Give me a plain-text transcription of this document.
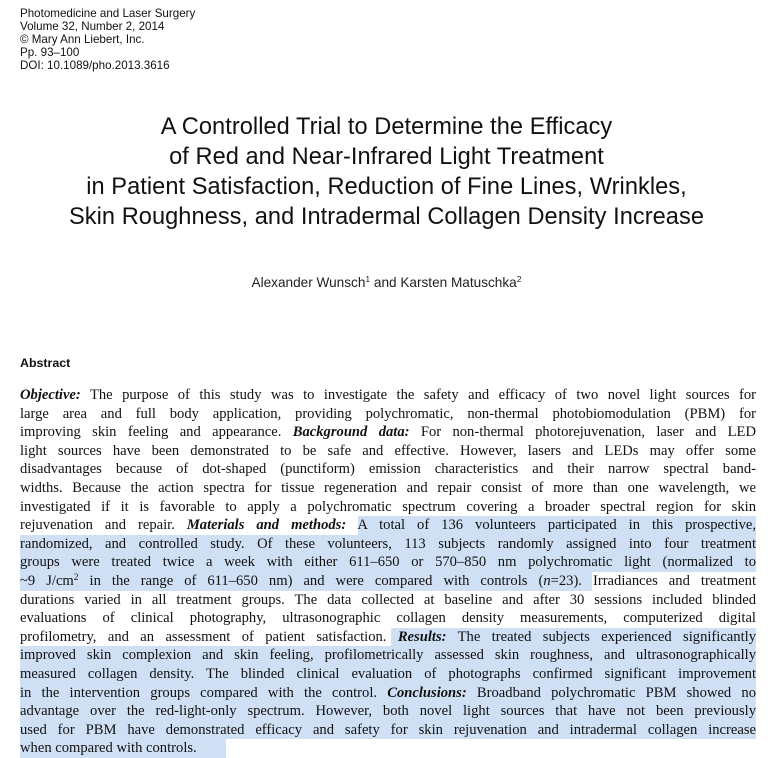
Photomedicine and Laser Surgery
Volume 32, Number 2, 2014
© Mary Ann Liebert, Inc.
Pp. 93–100
DOI: 10.1089/pho.2013.3616
A Controlled Trial to Determine the Efficacy
of Red and Near-Infrared Light Treatment
in Patient Satisfaction, Reduction of Fine Lines, Wrinkles,
Skin Roughness, and Intradermal Collagen Density Increase
Alexander Wunsch$^1$ and Karsten Matuschka$^2$
Abstract
Objective: The purpose of this study was to investigate the safety and efficacy of two novel light sources for
large area and full body application, providing polychromatic, non-thermal photobiomodulation (PBM) for
improving skin feeling and appearance. Background data: For non-thermal photorejuvenation, laser and LED
light sources have been demonstrated to be safe and effective. However, lasers and LEDs may offer some
disadvantages because of dot-shaped (punctiform) emission characteristics and their narrow spectral band-
widths. Because the action spectra for tissue regeneration and repair consist of more than one wavelength, we
investigated if it is favorable to apply a polychromatic spectrum covering a broader spectral region for skin
rejuvenation and repair. Materials and methods: A total of 136 volunteers participated in this prospective,
randomized, and controlled study. Of these volunteers, 113 subjects randomly assigned into four treatment
groups were treated twice a week with either 611–650 or 570–850 nm polychromatic light (normalized to
~9 $J/cm^2$ in the range of 611–650 nm) and were compared with controls (n=23). Irradiances and treatment
durations varied in all treatment groups. The data collected at baseline and after 30 sessions included blinded
evaluations of clinical photography, ultrasonographic collagen density measurements, computerized digital
profilometry, and an assessment of patient satisfaction. Results: The treated subjects experienced significantly
improved skin complexion and skin feeling, profilometrically assessed skin roughness, and ultrasonographically
measured collagen density. The blinded clinical evaluation of photographs confirmed significant improvement
in the intervention groups compared with the control. Conclusions: Broadband polychromatic PBM showed no
advantage over the red-light-only spectrum. However, both novel light sources that have not been previously
used for PBM have demonstrated efficacy and safety for skin rejuvenation and intradermal collagen increase
when compared with controls.
